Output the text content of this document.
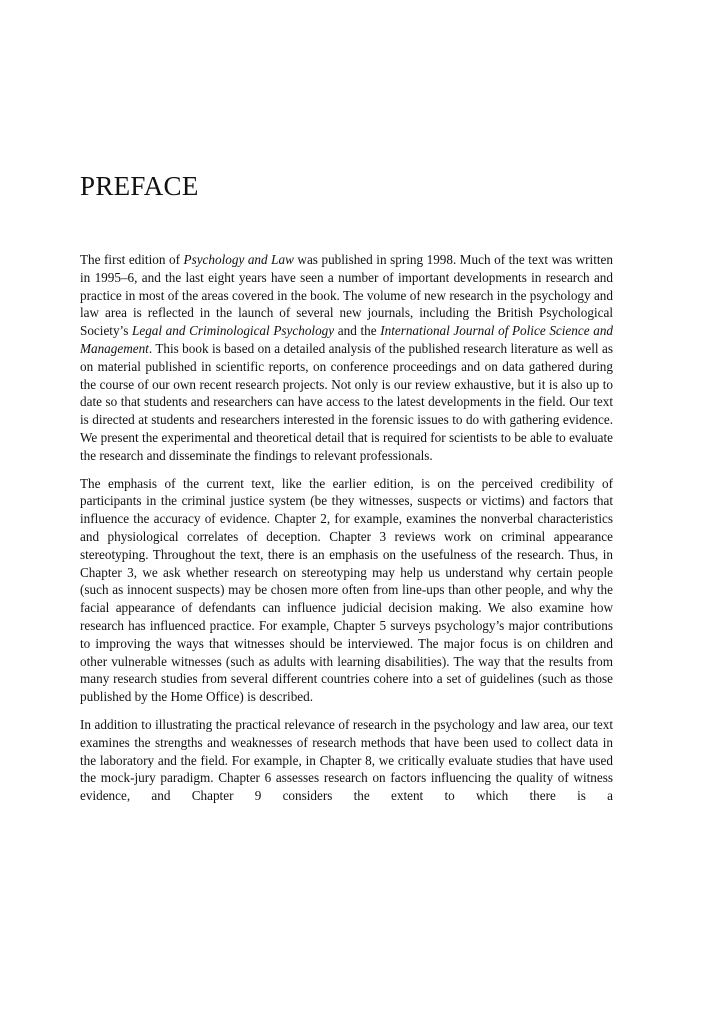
PREFACE

The first edition of Psychology and Law was published in spring 1998. Much of the text was written in 1995–6, and the last eight years have seen a number of important developments in research and practice in most of the areas covered in the book. The volume of new research in the psychology and law area is reflected in the launch of several new journals, including the British Psychological Society’s Legal and Criminological Psychology and the International Journal of Police Science and Management. This book is based on a detailed analysis of the published research literature as well as on material published in scientific reports, on conference proceedings and on data gathered during the course of our own recent research projects. Not only is our review exhaustive, but it is also up to date so that students and researchers can have access to the latest developments in the field. Our text is directed at students and researchers interested in the forensic issues to do with gathering evidence. We present the experimental and theoretical detail that is required for scientists to be able to evaluate the research and disseminate the findings to relevant professionals.

The emphasis of the current text, like the earlier edition, is on the perceived credibility of participants in the criminal justice system (be they witnesses, suspects or victims) and factors that influence the accuracy of evidence. Chapter 2, for example, examines the nonverbal characteristics and physiological correlates of deception. Chapter 3 reviews work on criminal appearance stereotyping. Throughout the text, there is an emphasis on the usefulness of the research. Thus, in Chapter 3, we ask whether research on stereotyping may help us understand why certain people (such as innocent suspects) may be chosen more often from line-ups than other people, and why the facial appearance of defendants can influence judicial decision making. We also examine how research has influenced practice. For example, Chapter 5 surveys psychology’s major contributions to improving the ways that witnesses should be interviewed. The major focus is on children and other vulnerable witnesses (such as adults with learning disabilities). The way that the results from many research studies from several different countries cohere into a set of guidelines (such as those published by the Home Office) is described.

In addition to illustrating the practical relevance of research in the psychology and law area, our text examines the strengths and weaknesses of research methods that have been used to collect data in the laboratory and the field. For example, in Chapter 8, we critically evaluate studies that have used the mock-jury paradigm. Chapter 6 assesses research on factors influencing the quality of witness evidence, and Chapter 9 considers the extent to which there is a
